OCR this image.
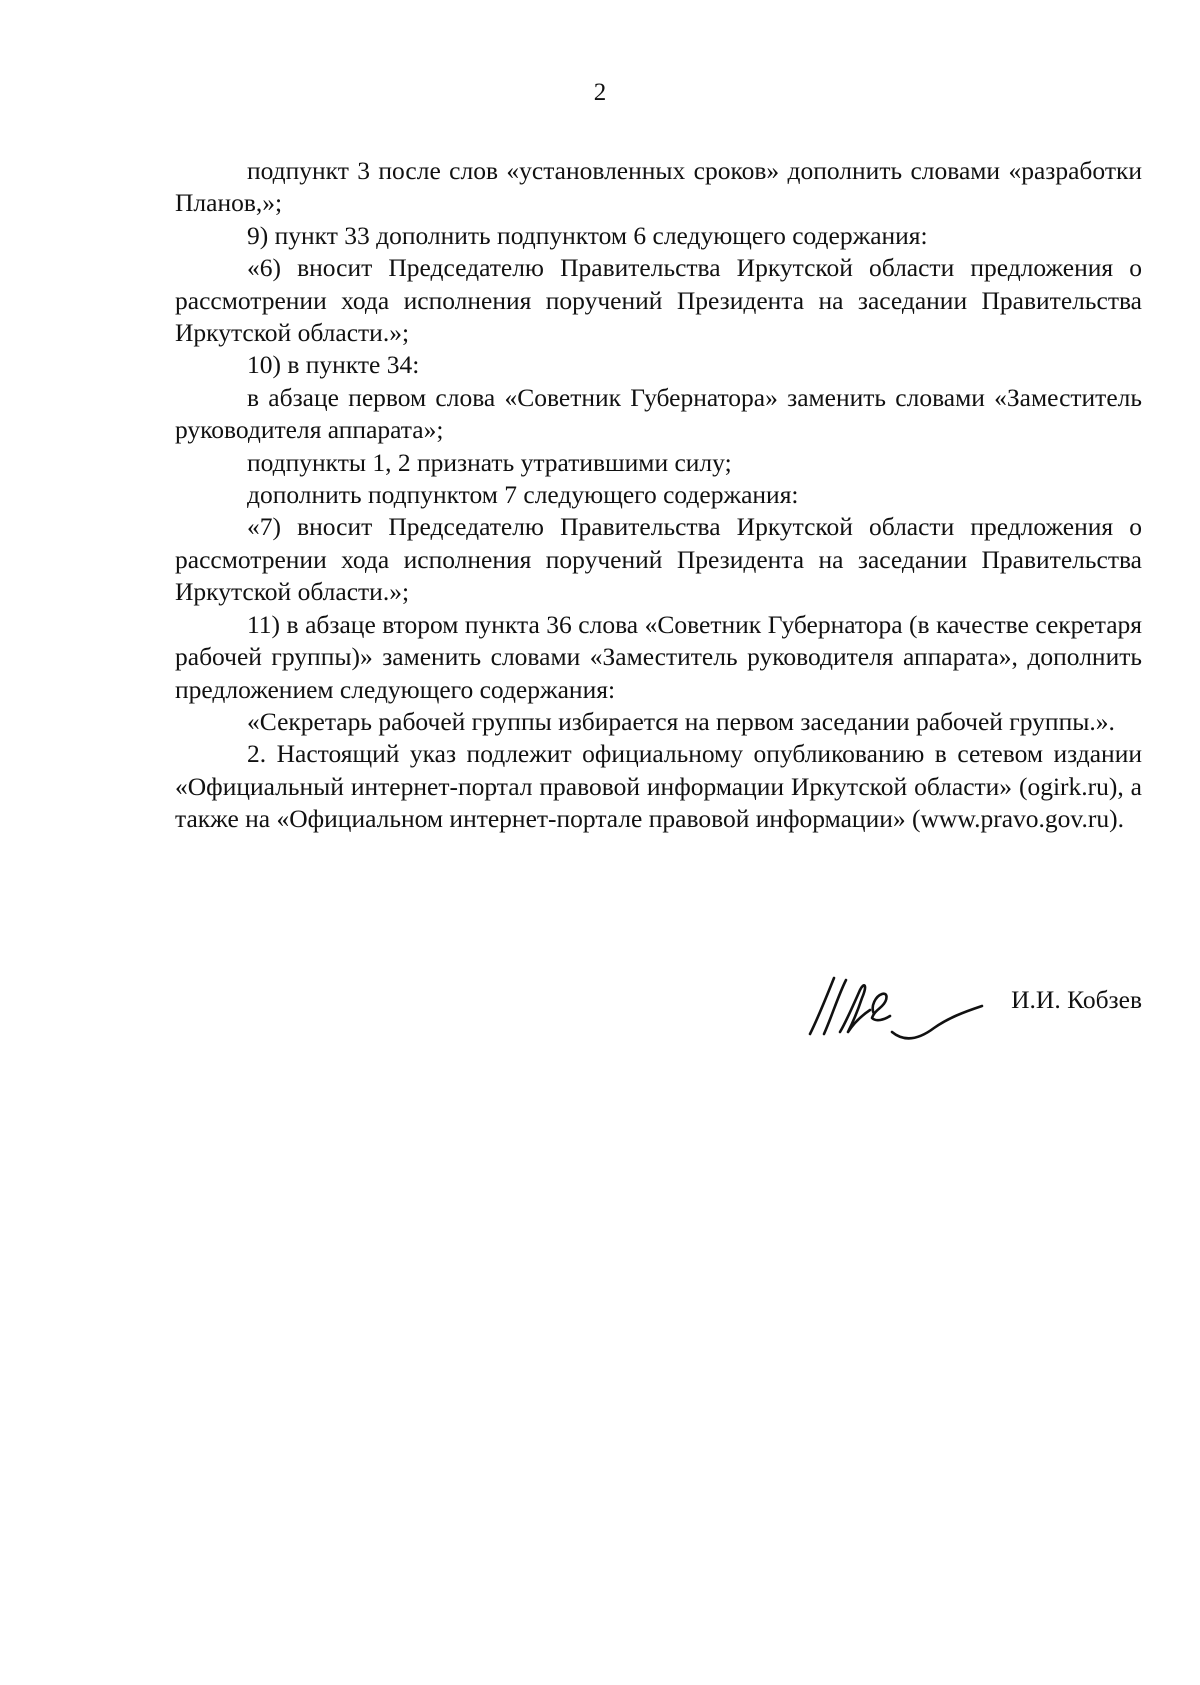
2

подпункт 3 после слов «установленных сроков» дополнить словами «разработки Планов,»;

9) пункт 33 дополнить подпунктом 6 следующего содержания:

«6) вносит Председателю Правительства Иркутской области предложения о рассмотрении хода исполнения поручений Президента на заседании Правительства Иркутской области.»;

10) в пункте 34:

в абзаце первом слова «Советник Губернатора» заменить словами «Заместитель руководителя аппарата»;

подпункты 1, 2 признать утратившими силу;

дополнить подпунктом 7 следующего содержания:

«7) вносит Председателю Правительства Иркутской области предложения о рассмотрении хода исполнения поручений Президента на заседании Правительства Иркутской области.»;

11) в абзаце втором пункта 36 слова «Советник Губернатора (в качестве секретаря рабочей группы)» заменить словами «Заместитель руководителя аппарата», дополнить предложением следующего содержания:

«Секретарь рабочей группы избирается на первом заседании рабочей группы.».

2. Настоящий указ подлежит официальному опубликованию в сетевом издании «Официальный интернет-портал правовой информации Иркутской области» (ogirk.ru), а также на «Официальном интернет-портале правовой информации» (www.pravo.gov.ru).

И.И. Кобзев
